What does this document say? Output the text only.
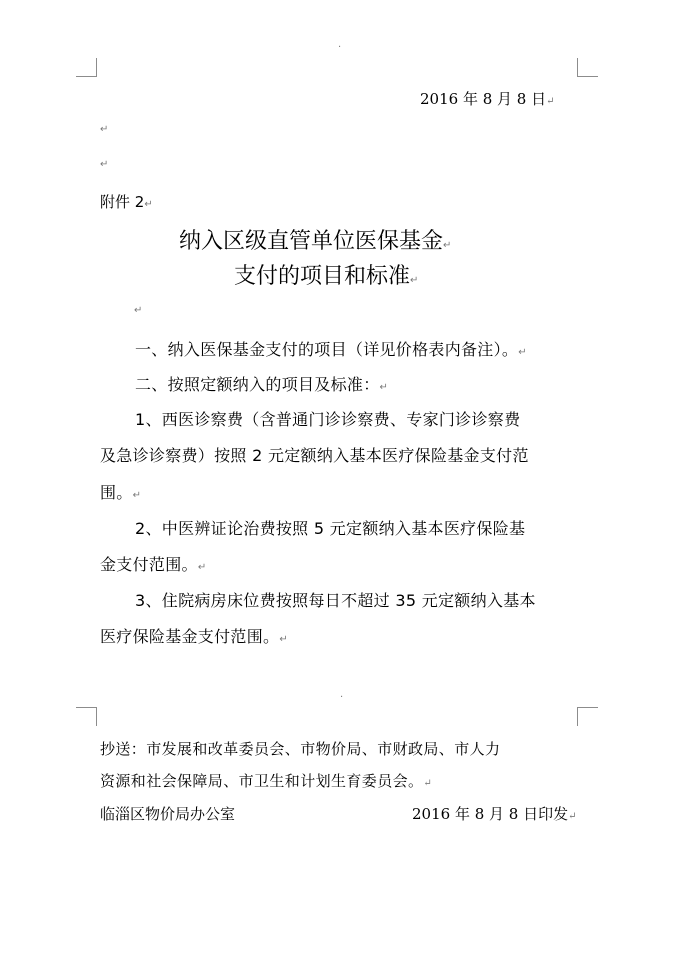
·
2016 年 8 月 8 日↵
↵
↵
附件 2↵
纳入区级直管单位医保基金↵
支付的项目和标准↵
↵
一、纳入医保基金支付的项目（详见价格表内备注）。↵
二、按照定额纳入的项目及标准：↵
1、西医诊察费（含普通门诊诊察费、专家门诊诊察费
及急诊诊察费）按照 2 元定额纳入基本医疗保险基金支付范
围。↵
2、中医辨证论治费按照 5 元定额纳入基本医疗保险基
金支付范围。↵
3、住院病房床位费按照每日不超过 35 元定额纳入基本
医疗保险基金支付范围。↵
·
抄送：市发展和改革委员会、市物价局、市财政局、市人力
资源和社会保障局、市卫生和计划生育委员会。↵
临淄区物价局办公室	2016 年 8 月 8 日印发↵
